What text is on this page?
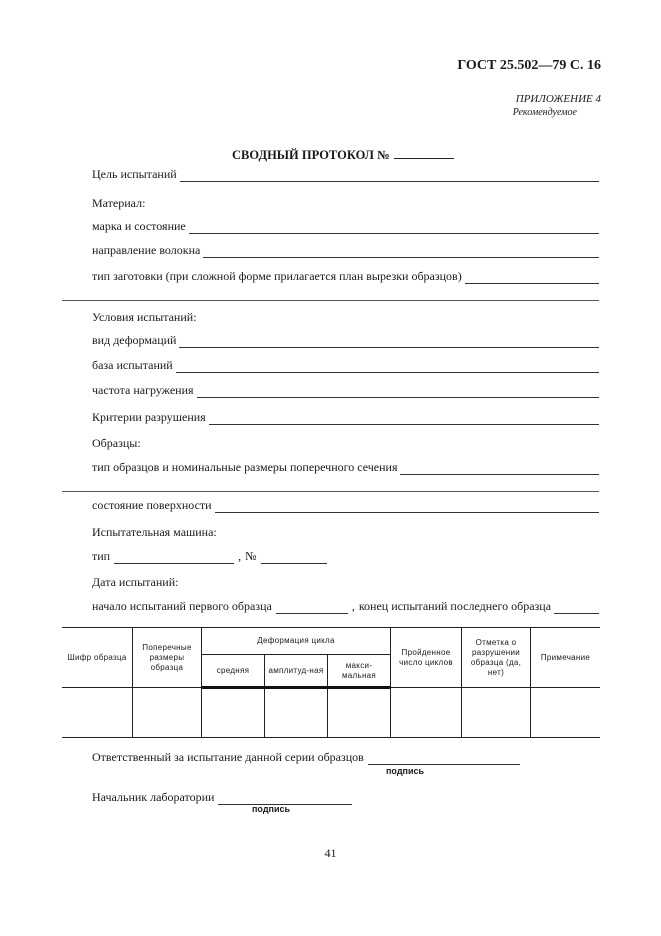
ГОСТ 25.502—79 С. 16
ПРИЛОЖЕНИЕ 4
Рекомендуемое
СВОДНЫЙ ПРОТОКОЛ №
Цель испытаний
Материал:
марка и состояние
направление волокна
тип заготовки (при сложной форме прилагается план вырезки образцов)
Условия испытаний:
вид деформаций
база испытаний
частота нагружения
Критерии разрушения
Образцы:
тип образцов и номинальные размеры поперечного сечения
состояние поверхности
Испытательная машина:
тип	, №
Дата испытаний:
начало испытаний первого образца	, конец испытаний последнего образца
Шифр образца	Поперечные размеры образца	Деформация цикла			Пройденное число циклов	Отметка о разрушении образца (да, нет)	Примечание
		средняя	амплитуд-ная	макси-мальная			

Ответственный за испытание данной серии образцов
подпись
Начальник лаборатории
подпись
41
